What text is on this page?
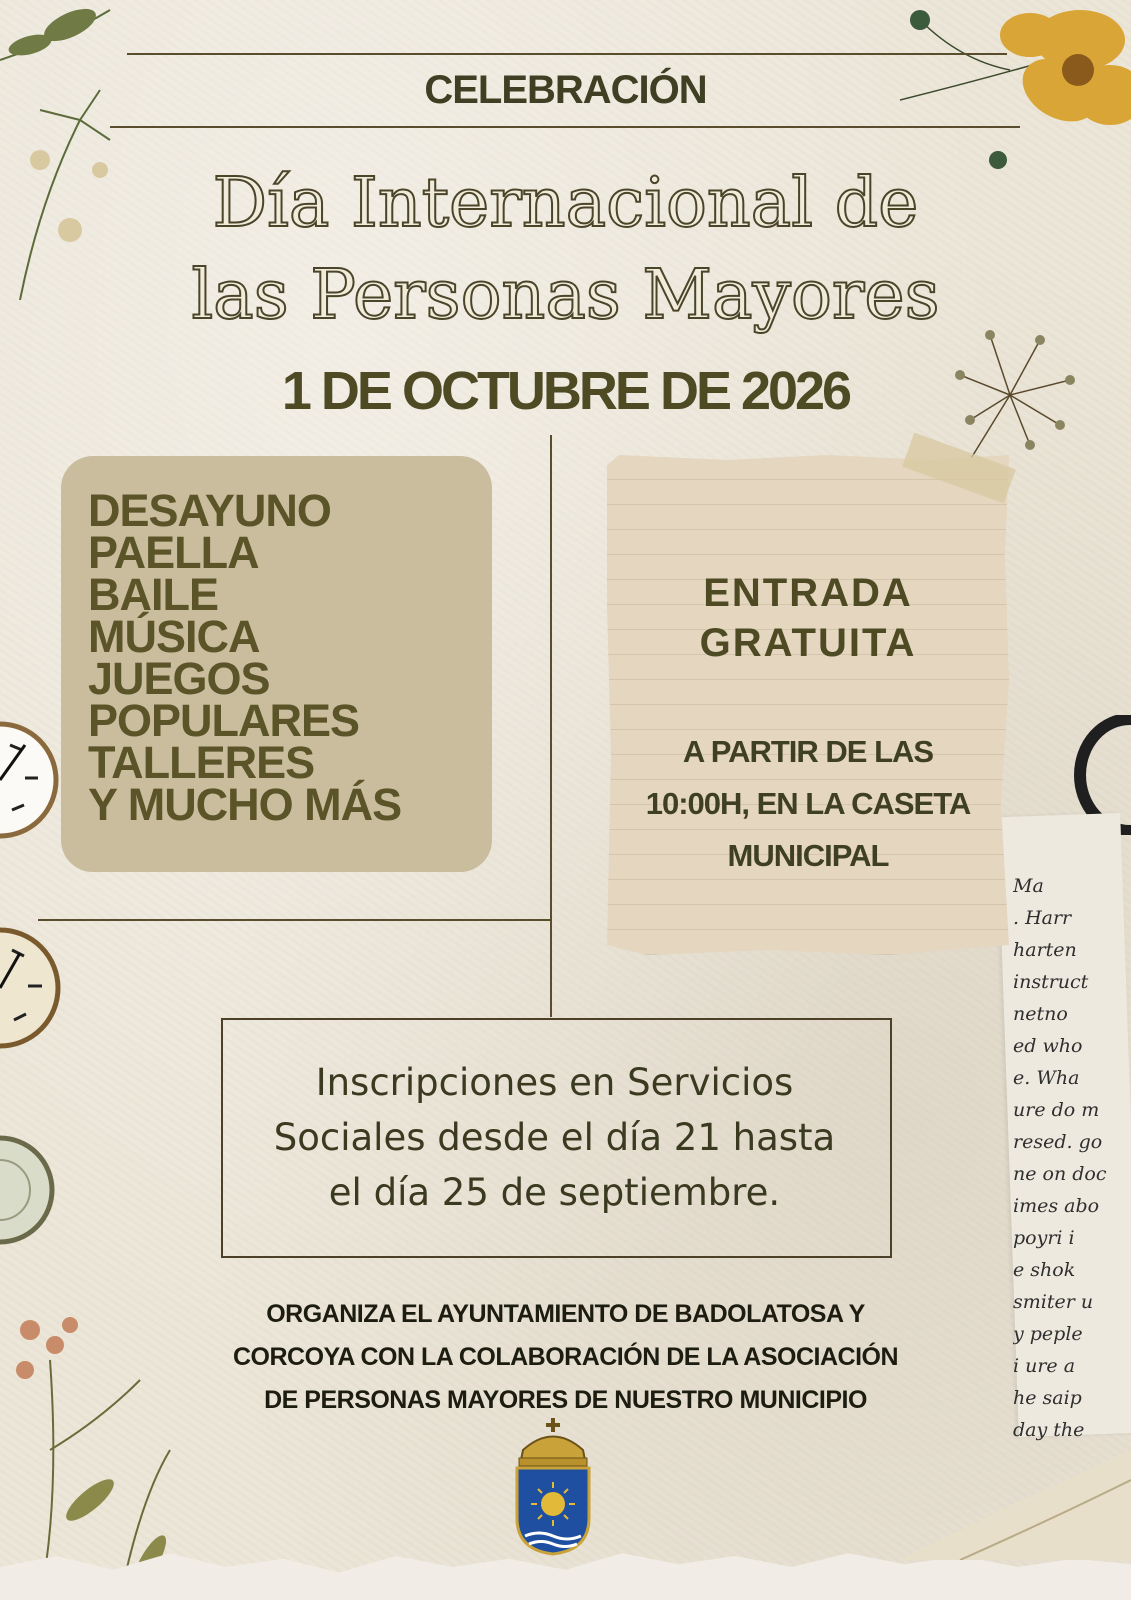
Ma
. Harr
harten
instruct
netno
ed who
e. Wha
ure do m
resed. go
ne on doc
imes abo
poyri i
e shok
smiter u
y peple
i ure a
he saip
day the
CELEBRACIÓN
Día Internacional de
las Personas Mayores
1 DE OCTUBRE DE 2026
DESAYUNO
PAELLA
BAILE
MÚSICA
JUEGOS
POPULARES
TALLERES
Y MUCHO MÁS
ENTRADA
GRATUITA
A PARTIR DE LAS
10:00H, EN LA CASETA
MUNICIPAL
Inscripciones en Servicios
Sociales desde el día 21 hasta
el día 25 de septiembre.
ORGANIZA EL AYUNTAMIENTO DE BADOLATOSA Y
CORCOYA CON LA COLABORACIÓN DE LA ASOCIACIÓN
DE PERSONAS MAYORES DE NUESTRO MUNICIPIO
